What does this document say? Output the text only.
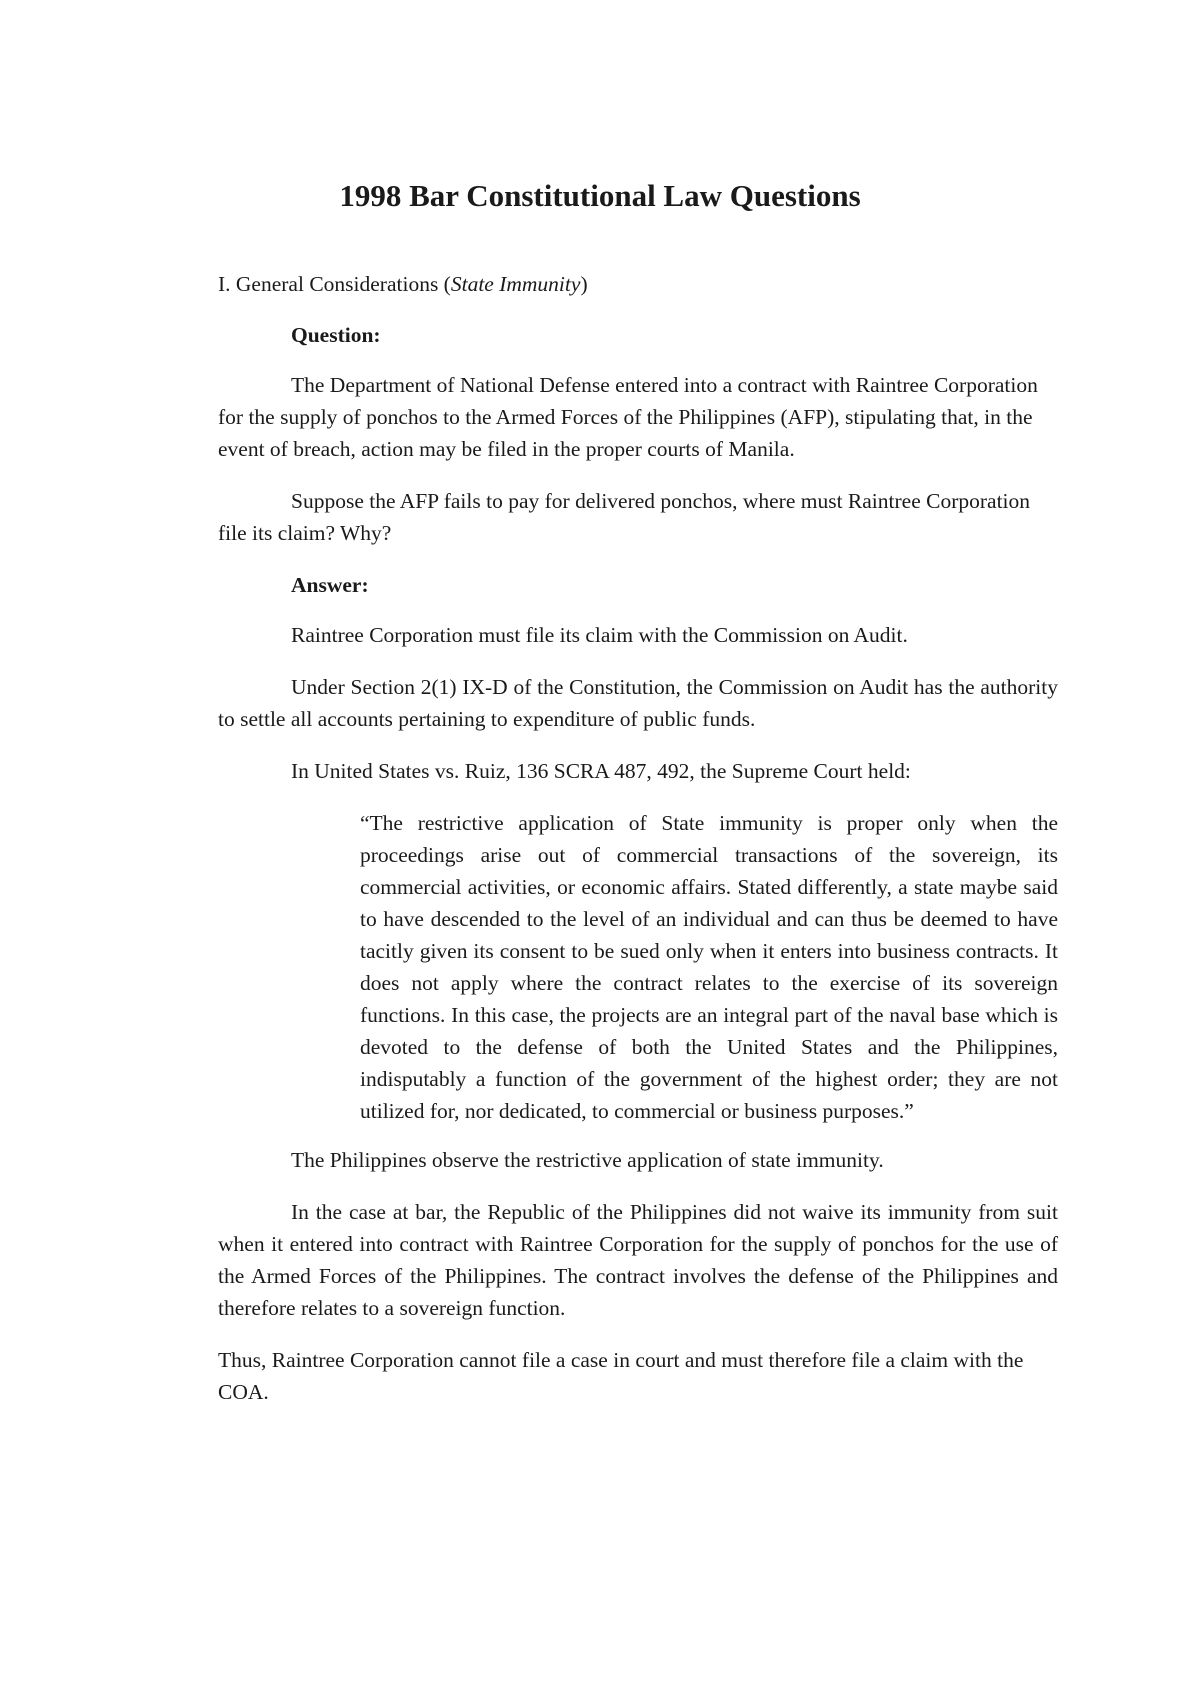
1998 Bar Constitutional Law Questions

I. General Considerations (State Immunity)

Question:

The Department of National Defense entered into a contract with Raintree Corporation for the supply of ponchos to the Armed Forces of the Philippines (AFP), stipulating that, in the event of breach, action may be filed in the proper courts of Manila.

Suppose the AFP fails to pay for delivered ponchos, where must Raintree Corporation file its claim? Why?

Answer:

Raintree Corporation must file its claim with the Commission on Audit.

Under Section 2(1) IX-D of the Constitution, the Commission on Audit has the authority to settle all accounts pertaining to expenditure of public funds.

In United States vs. Ruiz, 136 SCRA 487, 492, the Supreme Court held:

“The restrictive application of State immunity is proper only when the proceedings arise out of commercial transactions of the sovereign, its commercial activities, or economic affairs. Stated differently, a state maybe said to have descended to the level of an individual and can thus be deemed to have tacitly given its consent to be sued only when it enters into business contracts. It does not apply where the contract relates to the exercise of its sovereign functions. In this case, the projects are an integral part of the naval base which is devoted to the defense of both the United States and the Philippines, indisputably a function of the government of the highest order; they are not utilized for, nor dedicated, to commercial or business purposes.”

The Philippines observe the restrictive application of state immunity.

In the case at bar, the Republic of the Philippines did not waive its immunity from suit when it entered into contract with Raintree Corporation for the supply of ponchos for the use of the Armed Forces of the Philippines. The contract involves the defense of the Philippines and therefore relates to a sovereign function.

Thus, Raintree Corporation cannot file a case in court and must therefore file a claim with the COA.
